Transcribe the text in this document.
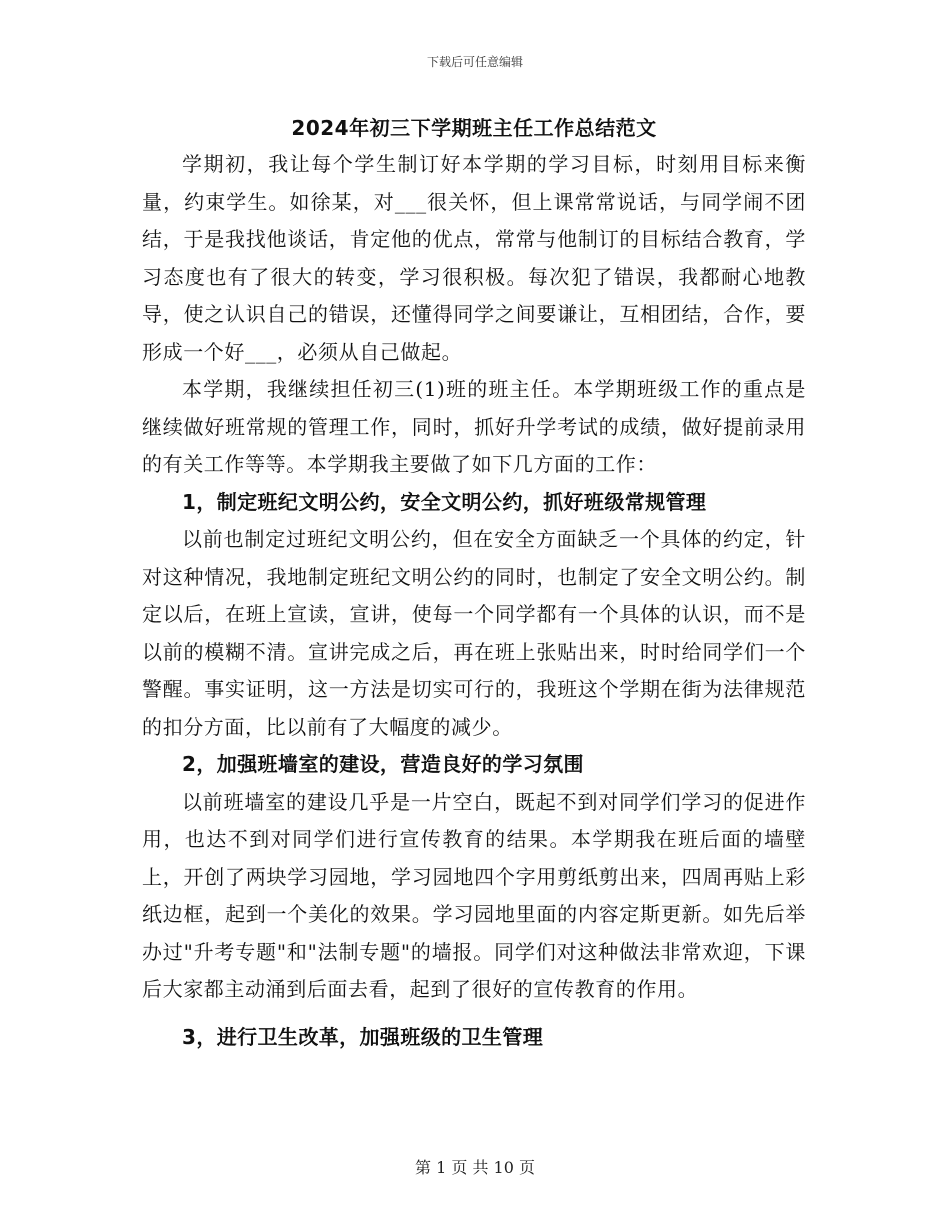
下载后可任意编辑

2024年初三下学期班主任工作总结范文

学期初，我让每个学生制订好本学期的学习目标，时刻用目标来衡量，约束学生。如徐某，对___很关怀，但上课常常说话，与同学闹不团结，于是我找他谈话，肯定他的优点，常常与他制订的目标结合教育，学习态度也有了很大的转变，学习很积极。每次犯了错误，我都耐心地教导，使之认识自己的错误，还懂得同学之间要谦让，互相团结，合作，要形成一个好___，必须从自己做起。

本学期，我继续担任初三(1)班的班主任。本学期班级工作的重点是继续做好班常规的管理工作，同时，抓好升学考试的成绩，做好提前录用的有关工作等等。本学期我主要做了如下几方面的工作：

1，制定班纪文明公约，安全文明公约，抓好班级常规管理

以前也制定过班纪文明公约，但在安全方面缺乏一个具体的约定，针对这种情况，我地制定班纪文明公约的同时，也制定了安全文明公约。制定以后，在班上宣读，宣讲，使每一个同学都有一个具体的认识，而不是以前的模糊不清。宣讲完成之后，再在班上张贴出来，时时给同学们一个警醒。事实证明，这一方法是切实可行的，我班这个学期在街为法律规范的扣分方面，比以前有了大幅度的减少。

2，加强班墙室的建设，营造良好的学习氛围

以前班墙室的建设几乎是一片空白，既起不到对同学们学习的促进作用，也达不到对同学们进行宣传教育的结果。本学期我在班后面的墙壁上，开创了两块学习园地，学习园地四个字用剪纸剪出来，四周再贴上彩纸边框，起到一个美化的效果。学习园地里面的内容定斯更新。如先后举办过"升考专题"和"法制专题"的墙报。同学们对这种做法非常欢迎，下课后大家都主动涌到后面去看，起到了很好的宣传教育的作用。

3，进行卫生改革，加强班级的卫生管理

第 1 页 共 10 页
